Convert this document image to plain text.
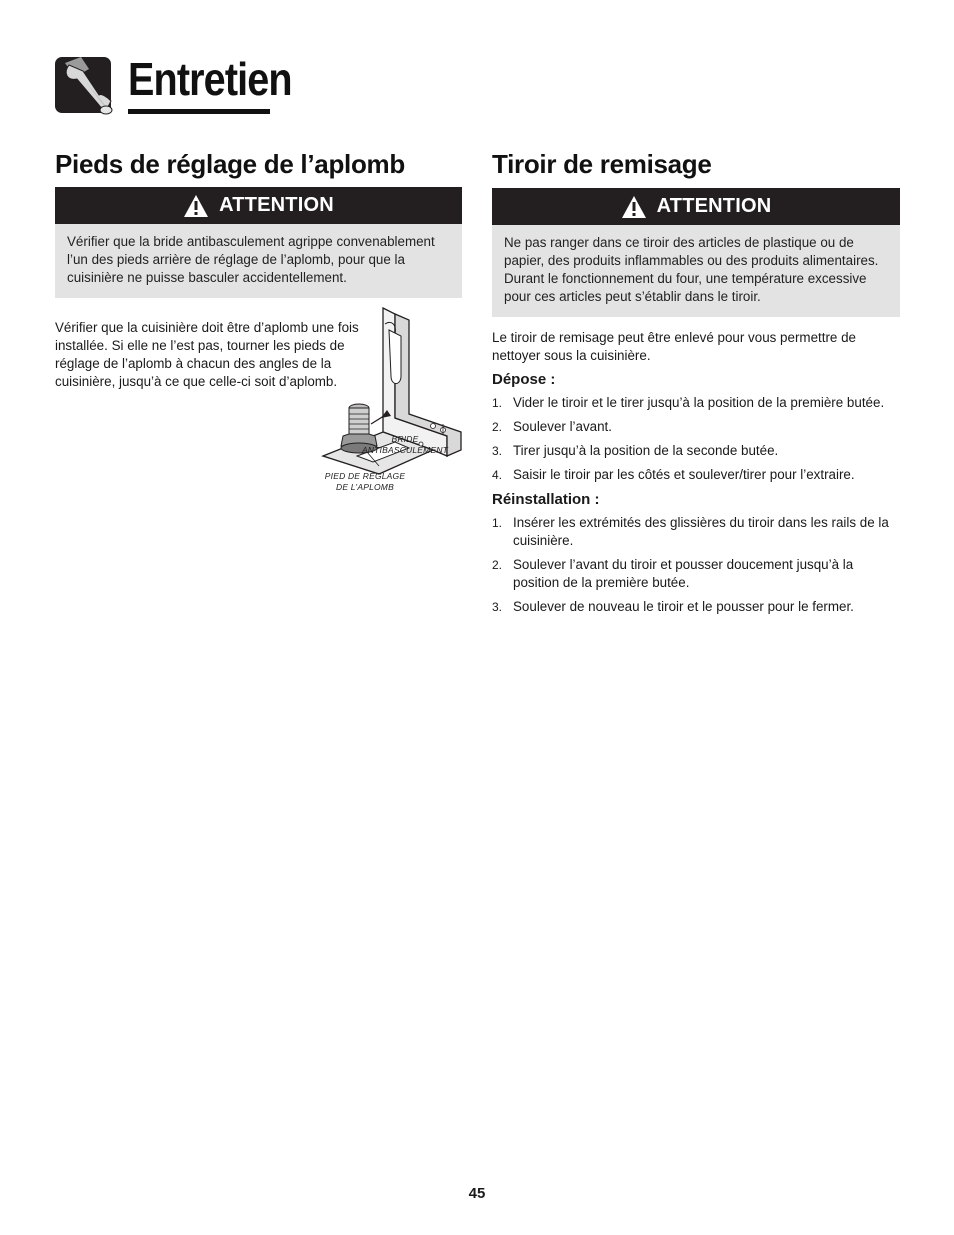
Entretien
Pieds de réglage de l’aplomb
ATTENTION
Vérifier que la bride antibasculement agrippe convenablement l’un des pieds arrière de réglage de l’aplomb, pour que la cuisinière ne puisse basculer accidentellement.

Vérifier que la cuisinière doit être d’aplomb une fois installée. Si elle ne l’est pas, tourner les pieds de réglage de l’aplomb à chacun des angles de la cuisinière, jusqu’à ce que celle-ci soit d’aplomb.

BRIDE
ANTIBASCULEMENT
PIED DE RÉGLAGE
DE L’APLOMB
Tiroir de remisage
ATTENTION
Ne pas ranger dans ce tiroir des articles de plastique ou de papier, des produits inflammables ou des produits alimentaires. Durant le fonctionnement du four, une température excessive pour ces articles peut s’établir dans le tiroir.

Le tiroir de remisage peut être enlevé pour vous permettre de nettoyer sous la cuisinière.

Dépose :
1. Vider le tiroir et le tirer jusqu’à la position de la première butée.
2. Soulever l’avant.
3. Tirer jusqu’à la position de la seconde butée.
4. Saisir le tiroir par les côtés et soulever/tirer pour l’extraire.
Réinstallation :
1. Insérer les extrémités des glissières du tiroir dans les rails de la cuisinière.
2. Soulever l’avant du tiroir et pousser doucement jusqu’à la position de la première butée.
3. Soulever de nouveau le tiroir et le pousser pour le fermer.
45
